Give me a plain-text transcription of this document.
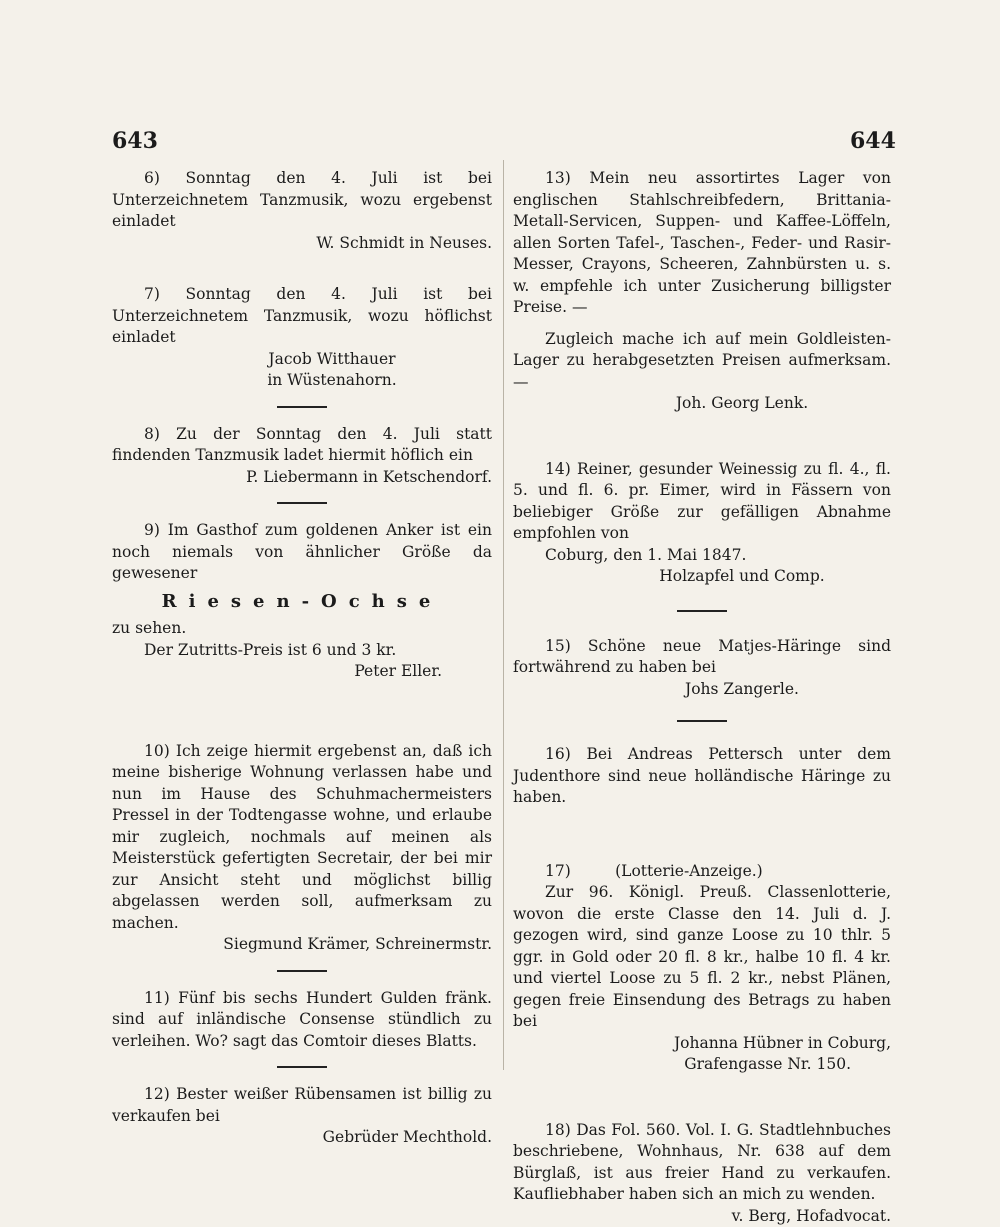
643	644

6) Sonntag den 4. Juli ist bei Unterzeichnetem Tanzmusik, wozu ergebenst einladet

W. Schmidt in Neuses.

7) Sonntag den 4. Juli ist bei Unterzeichnetem Tanzmusik, wozu höflichst einladet

Jacob Witthauer

in Wüstenahorn.

8) Zu der Sonntag den 4. Juli statt findenden Tanzmusik ladet hiermit höflich ein

P. Liebermann in Ketschendorf.

9) Im Gasthof zum goldenen Anker ist ein noch niemals von ähnlicher Größe da gewesener

Riesen-Ochse

zu sehen.

Der Zutritts-Preis ist 6 und 3 kr.

Peter Eller.

10) Ich zeige hiermit ergebenst an, daß ich meine bisherige Wohnung verlassen habe und nun im Hause des Schuhmachermeisters Pressel in der Todtengasse wohne, und erlaube mir zugleich, nochmals auf meinen als Meisterstück gefertigten Secretair, der bei mir zur Ansicht steht und möglichst billig abgelassen werden soll, aufmerksam zu machen.

Siegmund Krämer, Schreinermstr.

11) Fünf bis sechs Hundert Gulden fränk. sind auf inländische Consense stündlich zu verleihen. Wo? sagt das Comtoir dieses Blatts.

12) Bester weißer Rübensamen ist billig zu verkaufen bei

Gebrüder Mechthold.

13) Mein neu assortirtes Lager von englischen Stahlschreibfedern, Brittania-Metall-Servicen, Suppen- und Kaffee-Löffeln, allen Sorten Tafel-, Taschen-, Feder- und Rasir-Messer, Crayons, Scheeren, Zahnbürsten u. s. w. empfehle ich unter Zusicherung billigster Preise. —

Zugleich mache ich auf mein Goldleisten-Lager zu herabgesetzten Preisen aufmerksam. —

Joh. Georg Lenk.

14) Reiner, gesunder Weinessig zu fl. 4., fl. 5. und fl. 6. pr. Eimer, wird in Fässern von beliebiger Größe zur gefälligen Abnahme empfohlen von

Coburg, den 1. Mai 1847.

Holzapfel und Comp.

15) Schöne neue Matjes-Häringe sind fortwährend zu haben bei

Johs Zangerle.

16) Bei Andreas Pettersch unter dem Judenthore sind neue holländische Häringe zu haben.

17)         (Lotterie-Anzeige.)

Zur 96. Königl. Preuß. Classenlotterie, wovon die erste Classe den 14. Juli d. J. gezogen wird, sind ganze Loose zu 10 thlr. 5 ggr. in Gold oder 20 fl. 8 kr., halbe 10 fl. 4 kr. und viertel Loose zu 5 fl. 2 kr., nebst Plänen, gegen freie Einsendung des Betrags zu haben bei

Johanna Hübner in Coburg,

Grafengasse Nr. 150.

18) Das Fol. 560. Vol. I. G. Stadtlehnbuches beschriebene, Wohnhaus, Nr. 638 auf dem Bürglaß, ist aus freier Hand zu verkaufen. Kaufliebhaber haben sich an mich zu wenden.

v. Berg, Hofadvocat.
